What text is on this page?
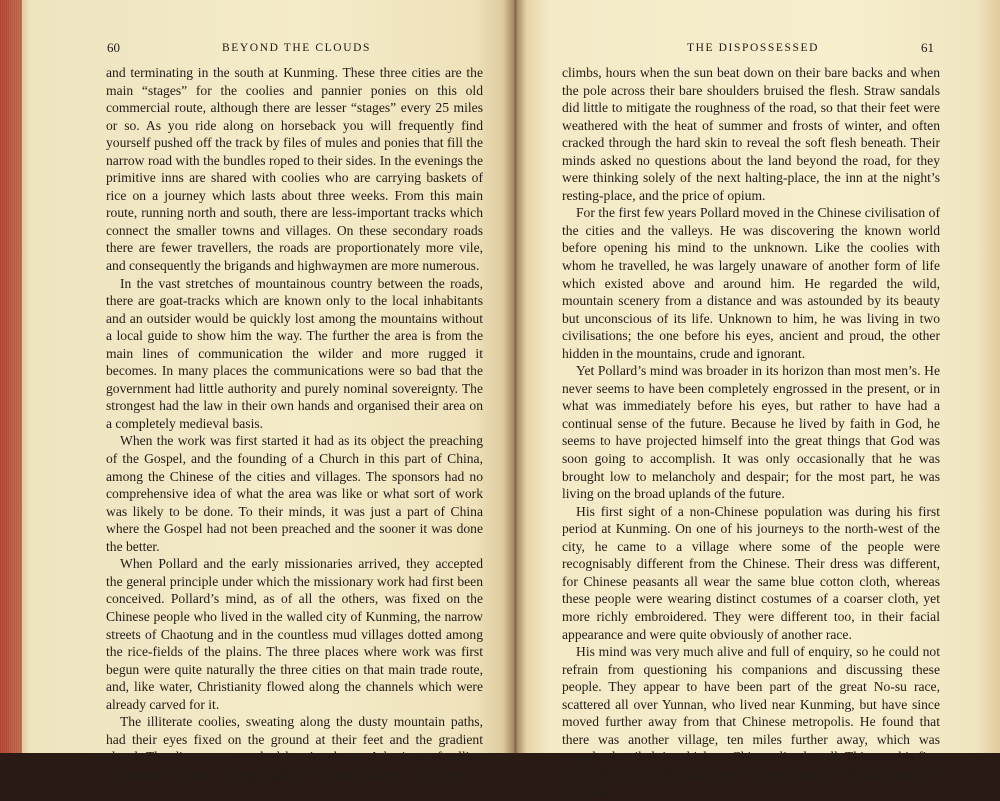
60	BEYOND THE CLOUDS

and terminating in the south at Kunming. These three cities are the main “stages” for the coolies and pannier ponies on this old commercial route, although there are lesser “stages” every 25 miles or so. As you ride along on horseback you will frequently find yourself pushed off the track by files of mules and ponies that fill the narrow road with the bundles roped to their sides. In the evenings the primitive inns are shared with coolies who are carrying baskets of rice on a journey which lasts about three weeks. From this main route, running north and south, there are less-important tracks which connect the smaller towns and villages. On these secondary roads there are fewer travellers, the roads are proportionately more vile, and consequently the brigands and highwaymen are more numerous.

In the vast stretches of mountainous country between the roads, there are goat-tracks which are known only to the local inhabitants and an outsider would be quickly lost among the mountains without a local guide to show him the way. The further the area is from the main lines of communication the wilder and more rugged it becomes. In many places the communications were so bad that the government had little authority and purely nominal sovereignty. The strongest had the law in their own hands and organised their area on a completely medieval basis.

When the work was first started it had as its object the preaching of the Gospel, and the founding of a Church in this part of China, among the Chinese of the cities and villages. The sponsors had no comprehensive idea of what the area was like or what sort of work was likely to be done. To their minds, it was just a part of China where the Gospel had not been preached and the sooner it was done the better.

When Pollard and the early missionaries arrived, they accepted the general principle under which the missionary work had first been conceived. Pollard’s mind, as of all the others, was fixed on the Chinese people who lived in the walled city of Kunming, the narrow streets of Chaotung and in the countless mud villages dotted among the rice-fields of the plains. The three places where work was first begun were quite naturally the three cities on that main trade route, and, like water, Christianity flowed along the channels which were already carved for it.

The illiterate coolies, sweating along the dusty mountain paths, had their eyes fixed on the ground at their feet and the gradient ahead. The distant scenery had lost its charm. A horizon of rolling mountains was not a stirring sight, for it meant to them only steep

THE DISPOSSESSED	61

climbs, hours when the sun beat down on their bare backs and when the pole across their bare shoulders bruised the flesh. Straw sandals did little to mitigate the roughness of the road, so that their feet were weathered with the heat of summer and frosts of winter, and often cracked through the hard skin to reveal the soft flesh beneath. Their minds asked no questions about the land beyond the road, for they were thinking solely of the next halting-place, the inn at the night’s resting-place, and the price of opium.

For the first few years Pollard moved in the Chinese civilisation of the cities and the valleys. He was discovering the known world before opening his mind to the unknown. Like the coolies with whom he travelled, he was largely unaware of another form of life which existed above and around him. He regarded the wild, mountain scenery from a distance and was astounded by its beauty but unconscious of its life. Unknown to him, he was living in two civilisations; the one before his eyes, ancient and proud, the other hidden in the mountains, crude and ignorant.

Yet Pollard’s mind was broader in its horizon than most men’s. He never seems to have been completely engrossed in the present, or in what was immediately before his eyes, but rather to have had a continual sense of the future. Because he lived by faith in God, he seems to have projected himself into the great things that God was soon going to accomplish. It was only occasionally that he was brought low to melancholy and despair; for the most part, he was living on the broad uplands of the future.

His first sight of a non-Chinese population was during his first period at Kunming. On one of his journeys to the north-west of the city, he came to a village where some of the people were recognisably different from the Chinese. Their dress was different, for Chinese peasants all wear the same blue cotton cloth, whereas these people were wearing distinct costumes of a coarser cloth, yet more richly embroidered. They were different too, in their facial appearance and were quite obviously of another race.

His mind was very much alive and full of enquiry, so he could not refrain from questioning his companions and discussing these people. They appear to have been part of the great No-su race, scattered all over Yunnan, who lived near Kunming, but have since moved further away from that Chinese metropolis. He found that there was another village, ten miles further away, which was completely tribal, in which no Chinese lived at all. This was his first notion that races other than the Chinese existed in this far-away part of China.
